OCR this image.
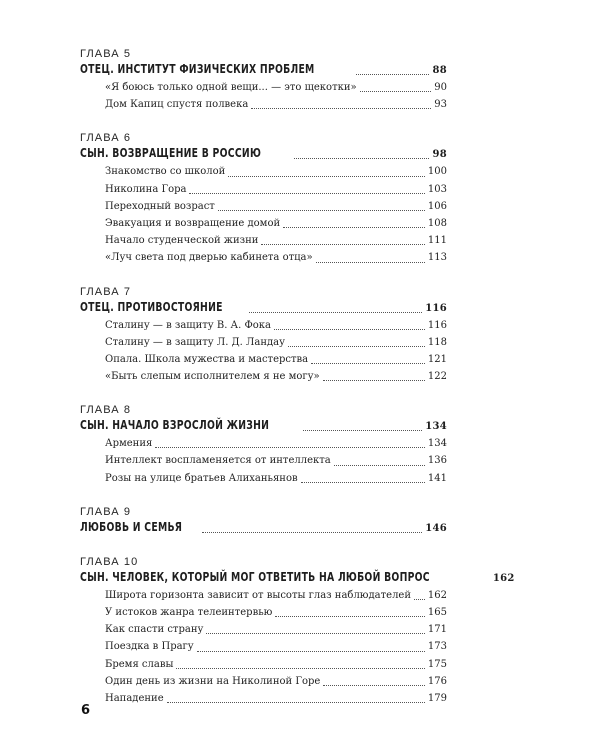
ГЛАВА 5
ОТЕЦ. ИНСТИТУТ ФИЗИЧЕСКИХ ПРОБЛЕМ	88
«Я боюсь только одной вещи... — это щекотки»	90
Дом Капиц спустя полвека	93
ГЛАВА 6
СЫН. ВОЗВРАЩЕНИЕ В РОССИЮ	98
Знакомство со школой	100
Николина Гора	103
Переходный возраст	106
Эвакуация и возвращение домой	108
Начало студенческой жизни	111
«Луч света под дверью кабинета отца»	113
ГЛАВА 7
ОТЕЦ. ПРОТИВОСТОЯНИЕ	116
Сталину — в защиту В. А. Фока	116
Сталину — в защиту Л. Д. Ландау	118
Опала. Школа мужества и мастерства	121
«Быть слепым исполнителем я не могу»	122
ГЛАВА 8
СЫН. НАЧАЛО ВЗРОСЛОЙ ЖИЗНИ	134
Армения	134
Интеллект воспламеняется от интеллекта	136
Розы на улице братьев Алиханьянов	141
ГЛАВА 9
ЛЮБОВЬ И СЕМЬЯ	146
ГЛАВА 10
СЫН. ЧЕЛОВЕК, КОТОРЫЙ МОГ ОТВЕТИТЬ НА ЛЮБОЙ ВОПРОС	162
Широта горизонта зависит от высоты глаз наблюдателей 162
У истоков жанра телеинтервью	165
Как спасти страну	171
Поездка в Прагу	173
Бремя славы	175
Один день из жизни на Николиной Горе	176
Нападение	179
6
